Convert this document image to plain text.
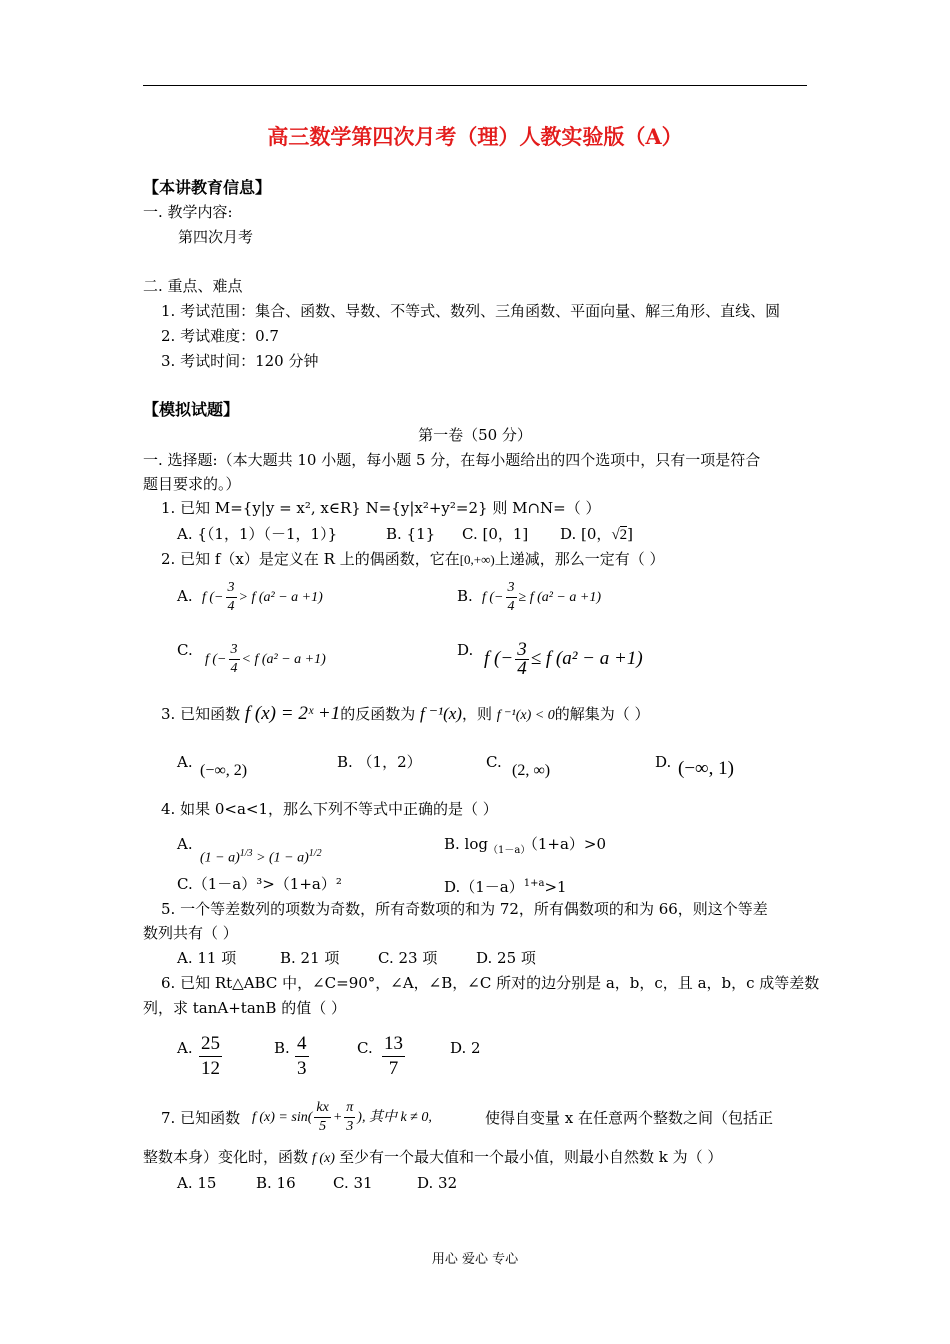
高三数学第四次月考（理）人教实验版（A）
【本讲教育信息】
一. 教学内容:
第四次月考
二. 重点、难点
1. 考试范围：集合、函数、导数、不等式、数列、三角函数、平面向量、解三角形、直线、圆
2. 考试难度：0.7
3. 考试时间：120 分钟
【模拟试题】
第一卷（50 分）
一. 选择题:（本大题共 10 小题，每小题 5 分，在每小题给出的四个选项中，只有一项是符合
题目要求的。）
1. 已知 M={y|y = x², x∈R} N={y|x²+y²=2} 则 M∩N=（ ）
A. {（1，1）（－1，1）}	B. {1} C. [0，1] D. [0，√2]
2. 已知 f（x）是定义在 R 上的偶函数，它在[0,+∞)上递减，那么一定有（ ）
A. f (− $\frac{3}{4} > f$ (a² − a +1)	B. f (− $\frac{3}{4} \ge f$ (a² − a +1)
C.
f (− $\frac{3}{4} < f$ (a² − a +1)
D. f (− $\frac{3}{4} \le f$ (a² − a +1)
3. 已知函数 f (x) = 2ˣ +1的反函数为 f ⁻¹(x)，则 f ⁻¹(x) < 0的解集为（ ）
A. (−∞, 2)	B. （1，2）	C. (2, ∞)	D. (−∞, 1)
4. 如果 0<a<1，那么下列不等式中正确的是（ ）
A.
$(1 - a)^{1/3} > (1 - a)^{1/2}$
B. $\log_{(1-a)}(1+a)>0$
C.（1－a）³>（1+a）²	$D.(1-a)^{1+a}>1$
5. 一个等差数列的项数为奇数，所有奇数项的和为 72，所有偶数项的和为 66，则这个等差
数列共有（ ）
A. 11 项	B. 21 项	C. 23 项	D. 25 项
6. 已知 Rt△ABC 中，∠C=90°，∠A，∠B，∠C 所对的边分别是 a，b，c，且 a，b，c 成等差数
列，求 tanA+tanB 的值（ ）
A. $\frac{25}{12}$	B. $\frac{4}{3}$	C. $\frac{13}{7}$	D. 2
7. 已知函数 f $(x) = \sin( \frac{kx}{5} + \frac{\pi}{3}$ ), 其中 k ≠ 0,	使得自变量 x 在任意两个整数之间（包括正
整数本身）变化时，函数 f (x) 至少有一个最大值和一个最小值，则最小自然数 k 为（ ）
A. 15	B. 16 C. 31	D. 32
用心 爱心 专心
